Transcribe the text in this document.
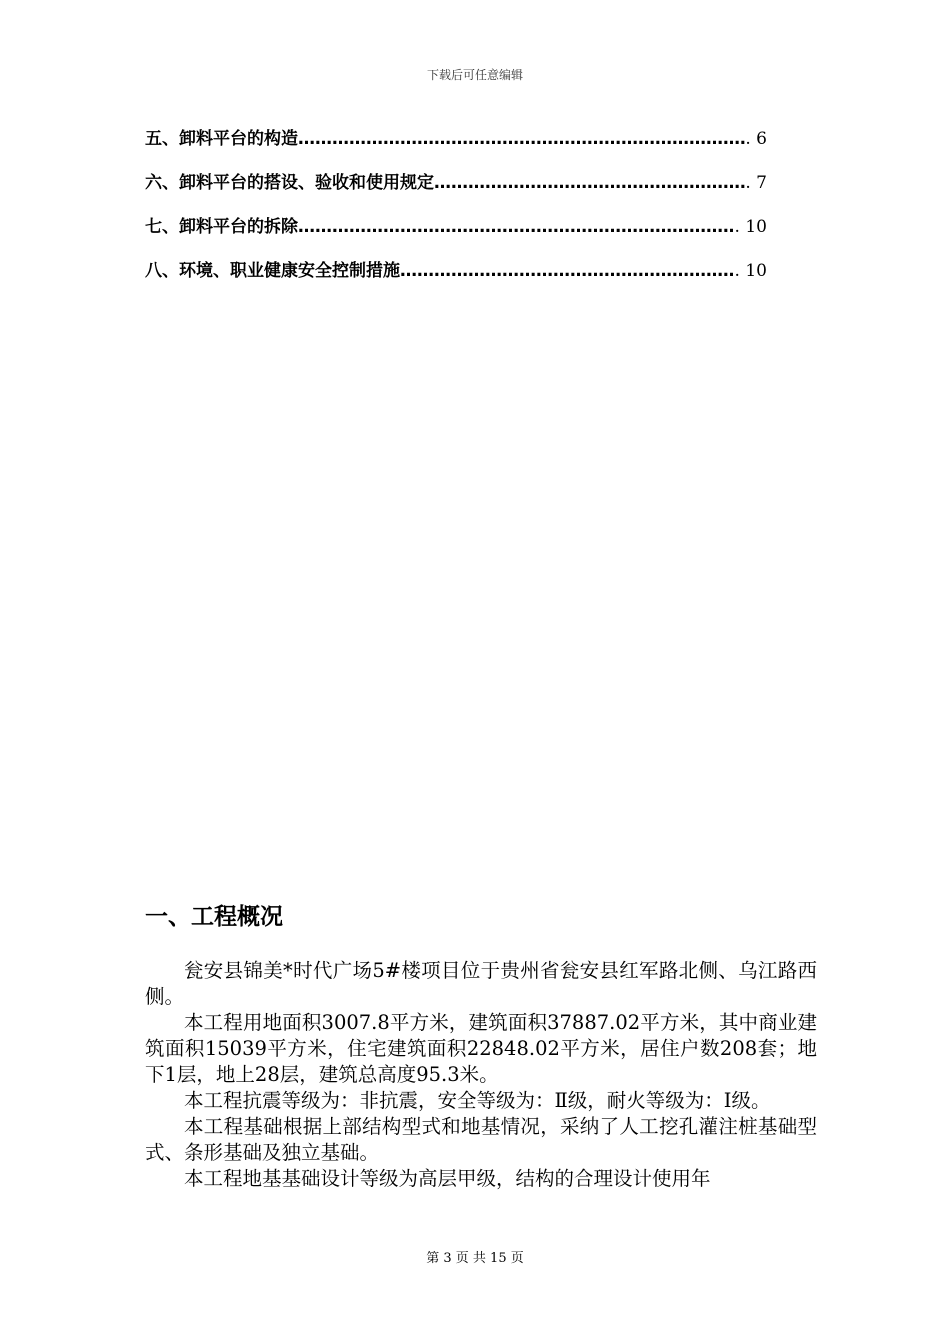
下载后可任意编辑
五、卸料平台的构造 ……………………………………………………………………………………………………………………………………………………………	. 6
六、卸料平台的搭设、验收和使用规定 ……………………………………………………………………………………………………………………………………………………………	. 7
七、卸料平台的拆除 ……………………………………………………………………………………………………………………………………………………………	. 10
八、环境、职业健康安全控制措施 ……………………………………………………………………………………………………………………………………………………………	. 10
一、工程概况

瓮安县锦美*时代广场5#楼项目位于贵州省瓮安县红军路北侧、乌江路西侧。

本工程用地面积3007.8平方米，建筑面积37887.02平方米，其中商业建筑面积15039平方米，住宅建筑面积22848.02平方米，居住户数208套；地下1层，地上28层，建筑总高度95.3米。

本工程抗震等级为：非抗震，安全等级为：Ⅱ级，耐火等级为：Ⅰ级。

本工程基础根据上部结构型式和地基情况，采纳了人工挖孔灌注桩基础型式、条形基础及独立基础。

本工程地基基础设计等级为高层甲级，结构的合理设计使用年

第 3 页 共 15 页
